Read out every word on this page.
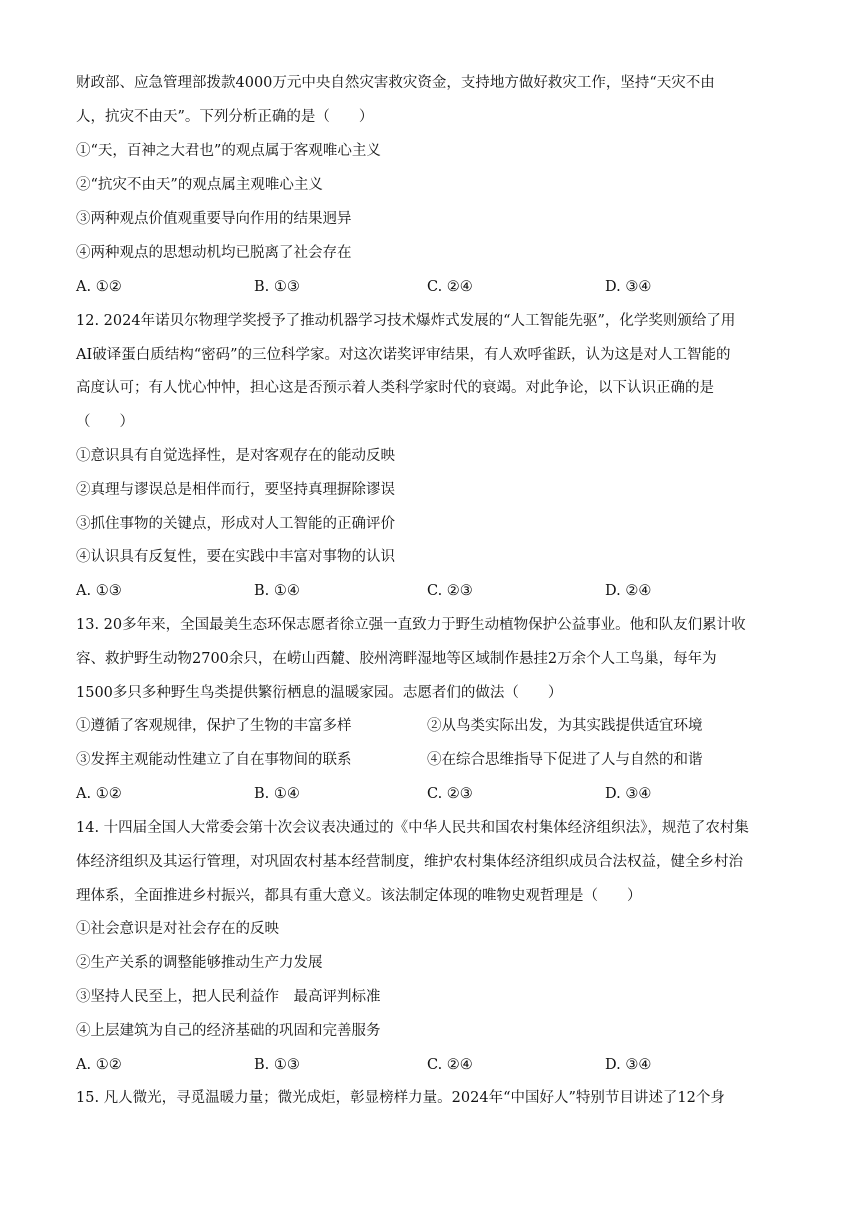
财政部、应急管理部拨款4000万元中央自然灾害救灾资金，支持地方做好救灾工作，坚持“天灾不由
人，抗灾不由天”。下列分析正确的是（　　）
①“天，百神之大君也”的观点属于客观唯心主义
②“抗灾不由天”的观点属主观唯心主义
③两种观点价值观重要导向作用的结果迥异
④两种观点的思想动机均已脱离了社会存在
A. ①②	B. ①③	C. ②④	D. ③④
12. 2024年诺贝尔物理学奖授予了推动机器学习技术爆炸式发展的“人工智能先驱”，化学奖则颁给了用
AI破译蛋白质结构“密码”的三位科学家。对这次诺奖评审结果，有人欢呼雀跃，认为这是对人工智能的
高度认可；有人忧心忡忡，担心这是否预示着人类科学家时代的衰竭。对此争论，以下认识正确的是
（　　）
①意识具有自觉选择性，是对客观存在的能动反映
②真理与谬误总是相伴而行，要坚持真理摒除谬误
③抓住事物的关键点，形成对人工智能的正确评价
④认识具有反复性，要在实践中丰富对事物的认识
A. ①③	B. ①④	C. ②③	D. ②④
13. 20多年来，全国最美生态环保志愿者徐立强一直致力于野生动植物保护公益事业。他和队友们累计收
容、救护野生动物2700余只，在崂山西麓、胶州湾畔湿地等区域制作悬挂2万余个人工鸟巢，每年为
1500多只多种野生鸟类提供繁衍栖息的温暖家园。志愿者们的做法（　　）
①遵循了客观规律，保护了生物的丰富多样	②从鸟类实际出发，为其实践提供适宜环境
③发挥主观能动性建立了自在事物间的联系	④在综合思维指导下促进了人与自然的和谐
A. ①②	B. ①④	C. ②③	D. ③④
14. 十四届全国人大常委会第十次会议表决通过的《中华人民共和国农村集体经济组织法》，规范了农村集
体经济组织及其运行管理，对巩固农村基本经营制度，维护农村集体经济组织成员合法权益，健全乡村治
理体系，全面推进乡村振兴，都具有重大意义。该法制定体现的唯物史观哲理是（　　）
①社会意识是对社会存在的反映
②生产关系的调整能够推动生产力发展
③坚持人民至上，把人民利益作　最高评判标准
④上层建筑为自己的经济基础的巩固和完善服务
A. ①②	B. ①③	C. ②④	D. ③④
15. 凡人微光，寻觅温暖力量；微光成炬，彰显榜样力量。2024年“中国好人”特别节目讲述了12个身
